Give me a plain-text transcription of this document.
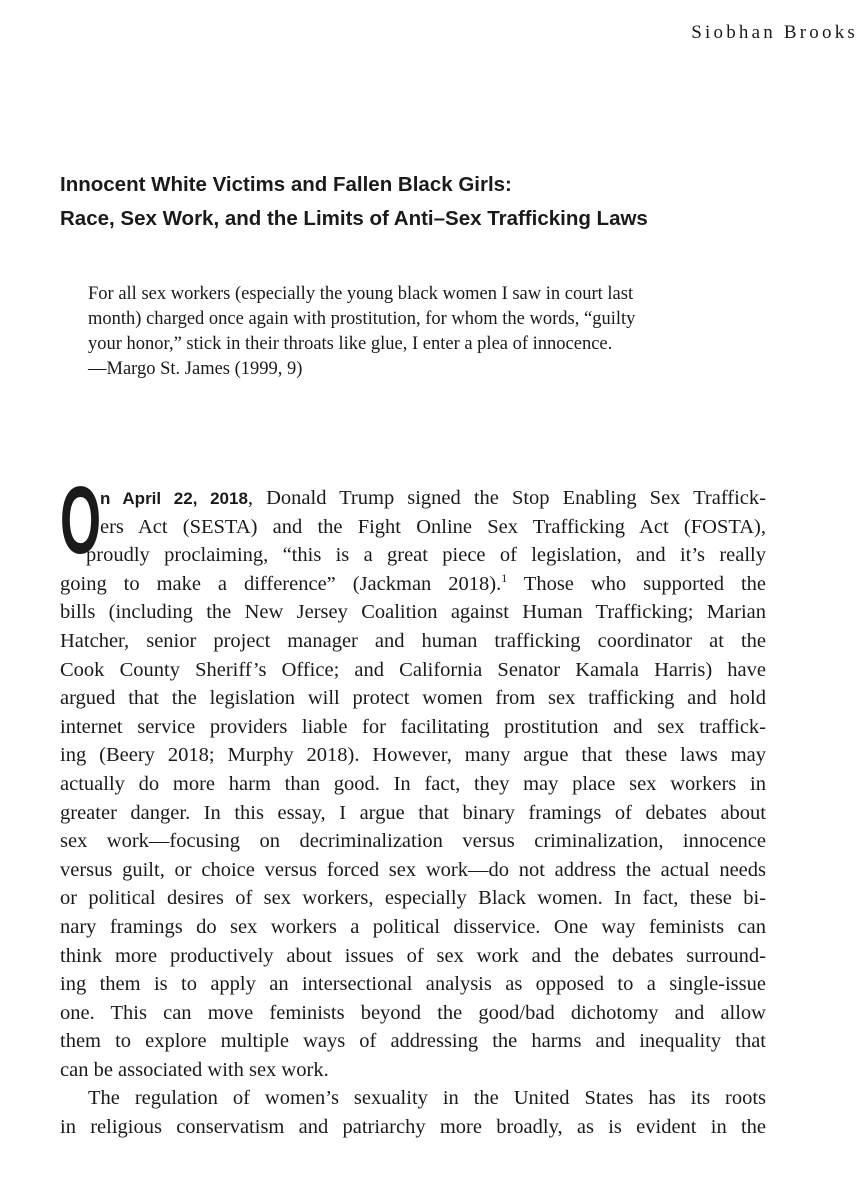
Siobhan Brooks
Innocent White Victims and Fallen Black Girls:
Race, Sex Work, and the Limits of Anti–Sex Trafficking Laws
For all sex workers (especially the young black women I saw in court last
month) charged once again with prostitution, for whom the words, “guilty
your honor,” stick in their throats like glue, I enter a plea of innocence.
—Margo St. James (1999, 9)
O
n April 22, 2018, Donald Trump signed the Stop Enabling Sex Traffick-
ers Act (SESTA) and the Fight Online Sex Trafficking Act (FOSTA),
proudly proclaiming, “this is a great piece of legislation, and it’s really
going to make a difference” (Jackman 2018).$^1$ Those who supported the
bills (including the New Jersey Coalition against Human Trafficking; Marian
Hatcher, senior project manager and human trafficking coordinator at the
Cook County Sheriff’s Office; and California Senator Kamala Harris) have
argued that the legislation will protect women from sex trafficking and hold
internet service providers liable for facilitating prostitution and sex traffick-
ing (Beery 2018; Murphy 2018). However, many argue that these laws may
actually do more harm than good. In fact, they may place sex workers in
greater danger. In this essay, I argue that binary framings of debates about
sex work—focusing on decriminalization versus criminalization, innocence
versus guilt, or choice versus forced sex work—do not address the actual needs
or political desires of sex workers, especially Black women. In fact, these bi-
nary framings do sex workers a political disservice. One way feminists can
think more productively about issues of sex work and the debates surround-
ing them is to apply an intersectional analysis as opposed to a single-issue
one. This can move feminists beyond the good/bad dichotomy and allow
them to explore multiple ways of addressing the harms and inequality that
can be associated with sex work.
The regulation of women’s sexuality in the United States has its roots
in religious conservatism and patriarchy more broadly, as is evident in the
